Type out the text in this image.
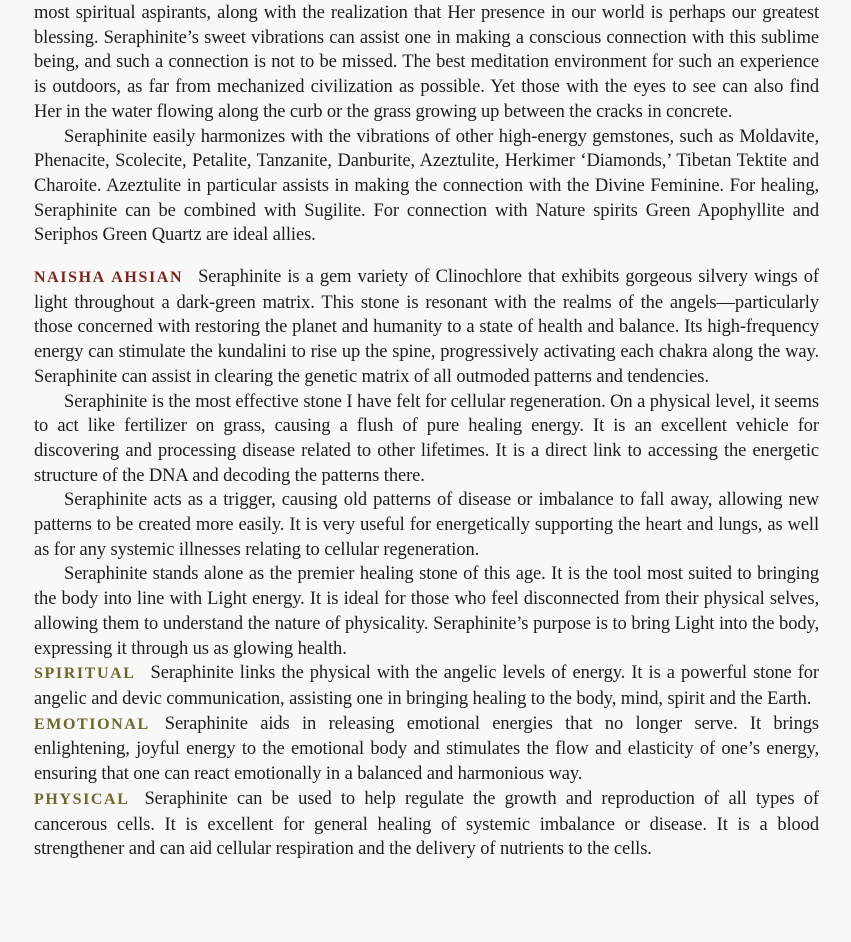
most spiritual aspirants, along with the realization that Her presence in our world is perhaps our greatest blessing. Seraphinite’s sweet vibrations can assist one in making a conscious connection with this sublime being, and such a connection is not to be missed. The best meditation environment for such an experience is outdoors, as far from mechanized civilization as possible. Yet those with the eyes to see can also find Her in the water flowing along the curb or the grass growing up between the cracks in concrete.

Seraphinite easily harmonizes with the vibrations of other high-energy gemstones, such as Moldavite, Phenacite, Scolecite, Petalite, Tanzanite, Danburite, Azeztulite, Herkimer ‘Diamonds,’ Tibetan Tektite and Charoite. Azeztulite in particular assists in making the connection with the Divine Feminine. For healing, Seraphinite can be combined with Sugilite. For connection with Nature spirits Green Apophyllite and Seriphos Green Quartz are ideal allies.

NAISHA AHSIAN Seraphinite is a gem variety of Clinochlore that exhibits gorgeous silvery wings of light throughout a dark-green matrix. This stone is resonant with the realms of the angels—particularly those concerned with restoring the planet and humanity to a state of health and balance. Its high-frequency energy can stimulate the kundalini to rise up the spine, progressively activating each chakra along the way. Seraphinite can assist in clearing the genetic matrix of all outmoded patterns and tendencies.

Seraphinite is the most effective stone I have felt for cellular regeneration. On a physical level, it seems to act like fertilizer on grass, causing a flush of pure healing energy. It is an excellent vehicle for discovering and processing disease related to other lifetimes. It is a direct link to accessing the energetic structure of the DNA and decoding the patterns there.

Seraphinite acts as a trigger, causing old patterns of disease or imbalance to fall away, allowing new patterns to be created more easily. It is very useful for energetically supporting the heart and lungs, as well as for any systemic illnesses relating to cellular regeneration.

Seraphinite stands alone as the premier healing stone of this age. It is the tool most suited to bringing the body into line with Light energy. It is ideal for those who feel disconnected from their physical selves, allowing them to understand the nature of physicality. Seraphinite’s purpose is to bring Light into the body, expressing it through us as glowing health.

SPIRITUAL Seraphinite links the physical with the angelic levels of energy. It is a powerful stone for angelic and devic communication, assisting one in bringing healing to the body, mind, spirit and the Earth.

EMOTIONAL Seraphinite aids in releasing emotional energies that no longer serve. It brings enlightening, joyful energy to the emotional body and stimulates the flow and elasticity of one’s energy, ensuring that one can react emotionally in a balanced and harmonious way.

PHYSICAL Seraphinite can be used to help regulate the growth and reproduction of all types of cancerous cells. It is excellent for general healing of systemic imbalance or disease. It is a blood strengthener and can aid cellular respiration and the delivery of nutrients to the cells.
